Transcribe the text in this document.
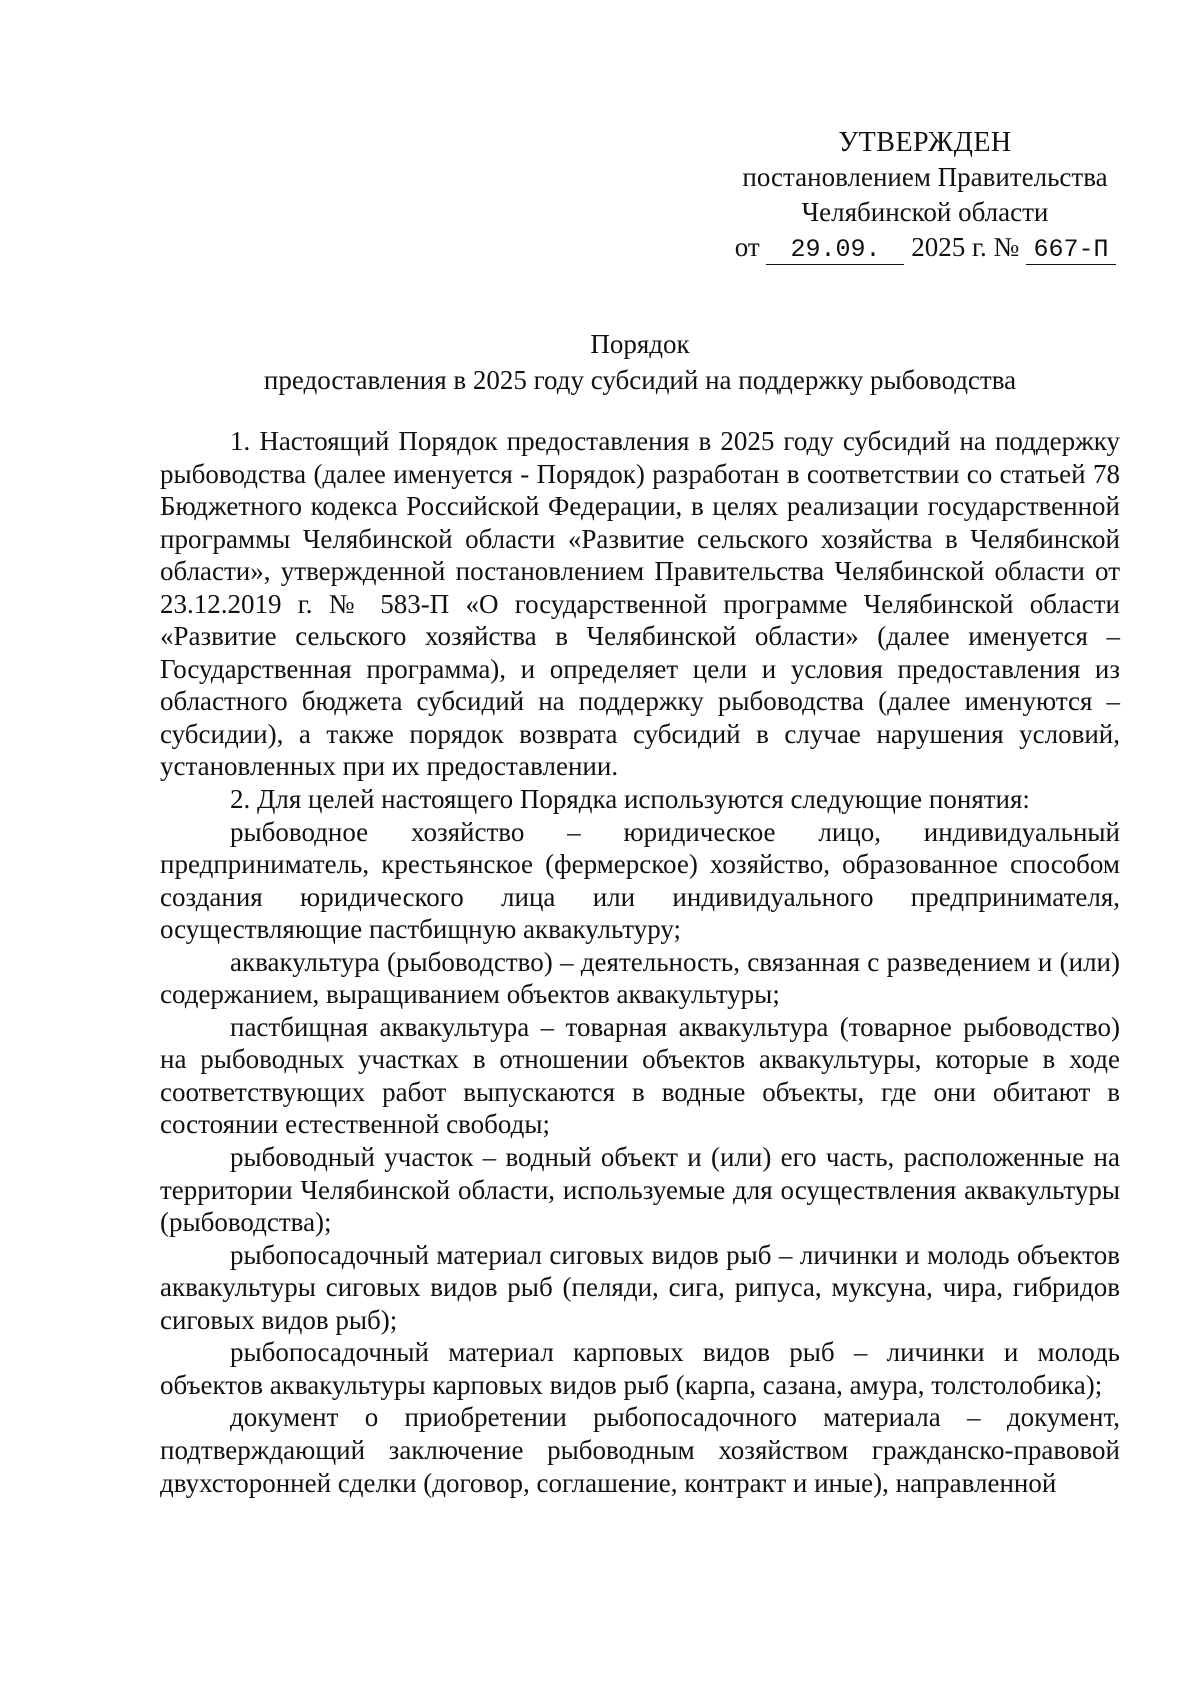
УТВЕРЖДЕН
постановлением Правительства
Челябинской области
от 29.09. 2025 г. № 667-П
Порядок
предоставления в 2025 году субсидий на поддержку рыбоводства

1. Настоящий Порядок предоставления в 2025 году субсидий на поддержку рыбоводства (далее именуется - Порядок) разработан в соответствии со статьей 78 Бюджетного кодекса Российской Федерации, в целях реализации государственной программы Челябинской области «Развитие сельского хозяйства в Челябинской области», утвержденной постановлением Правительства Челябинской области от 23.12.2019 г. № 583-П «О государственной программе Челябинской области «Развитие сельского хозяйства в Челябинской области» (далее именуется – Государственная программа), и определяет цели и условия предоставления из областного бюджета субсидий на поддержку рыбоводства (далее именуются – субсидии), а также порядок возврата субсидий в случае нарушения условий, установленных при их предоставлении.

2. Для целей настоящего Порядка используются следующие понятия:

рыбоводное хозяйство – юридическое лицо, индивидуальный предприниматель, крестьянское (фермерское) хозяйство, образованное способом создания юридического лица или индивидуального предпринимателя, осуществляющие пастбищную аквакультуру;

аквакультура (рыбоводство) – деятельность, связанная с разведением и (или) содержанием, выращиванием объектов аквакультуры;

пастбищная аквакультура – товарная аквакультура (товарное рыбоводство) на рыбоводных участках в отношении объектов аквакультуры, которые в ходе соответствующих работ выпускаются в водные объекты, где они обитают в состоянии естественной свободы;

рыбоводный участок – водный объект и (или) его часть, расположенные на территории Челябинской области, используемые для осуществления аквакультуры (рыбоводства);

рыбопосадочный материал сиговых видов рыб – личинки и молодь объектов аквакультуры сиговых видов рыб (пеляди, сига, рипуса, муксуна, чира, гибридов сиговых видов рыб);

рыбопосадочный материал карповых видов рыб – личинки и молодь объектов аквакультуры карповых видов рыб (карпа, сазана, амура, толстолобика);

документ о приобретении рыбопосадочного материала – документ, подтверждающий заключение рыбоводным хозяйством гражданско-правовой двухсторонней сделки (договор, соглашение, контракт и иные), направленной
